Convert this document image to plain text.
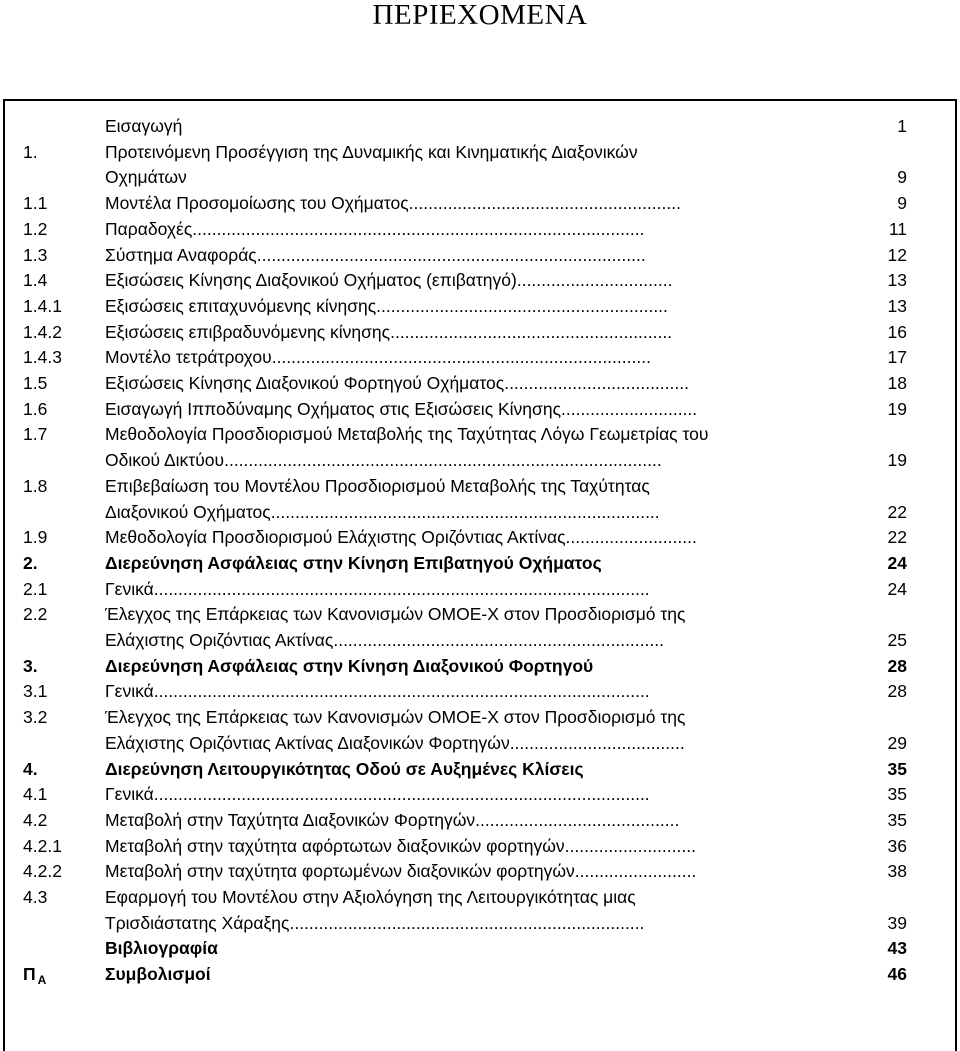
ΠΕΡΙΕΧΟΜΕΝΑ
Εισαγωγή	1
1.	Προτεινόμενη Προσέγγιση της Δυναμικής και Κινηματικής Διαξονικών
Οχημάτων	9
1.1	Μοντέλα Προσομοίωσης του Οχήματος........................................................	9
1.2	Παραδοχές.............................................................................................	11
1.3	Σύστημα Αναφοράς................................................................................	12
1.4	Εξισώσεις Κίνησης Διαξονικού Οχήματος (επιβατηγό)................................	13
1.4.1 Εξισώσεις επιταχυνόμενης κίνησης............................................................	13
1.4.2 Εξισώσεις επιβραδυνόμενης κίνησης..........................................................	16
1.4.3 Μοντέλο τετράτροχου..............................................................................	17
1.5	Εξισώσεις Κίνησης Διαξονικού Φορτηγού Οχήματος......................................	18
1.6	Εισαγωγή Ιπποδύναμης Οχήματος στις Εξισώσεις Κίνησης............................	19
1.7	Μεθοδολογία Προσδιορισμού Μεταβολής της Ταχύτητας Λόγω Γεωμετρίας του
Οδικού Δικτύου..........................................................................................	19
1.8	Επιβεβαίωση του Μοντέλου Προσδιορισμού Μεταβολής της Ταχύτητας
Διαξονικού Οχήματος................................................................................	22
1.9	Μεθοδολογία Προσδιορισμού Ελάχιστης Οριζόντιας Ακτίνας...........................	22
2.	Διερεύνηση Ασφάλειας στην Κίνηση Επιβατηγού Οχήματος	24
2.1	Γενικά......................................................................................................	24
2.2	Έλεγχος της Επάρκειας των Κανονισμών ΟΜΟΕ-Χ στον Προσδιορισμό της
Ελάχιστης Οριζόντιας Ακτίνας....................................................................	25
3.	Διερεύνηση Ασφάλειας στην Κίνηση Διαξονικού Φορτηγού	28
3.1	Γενικά......................................................................................................	28
3.2	Έλεγχος της Επάρκειας των Κανονισμών ΟΜΟΕ-Χ στον Προσδιορισμό της
Ελάχιστης Οριζόντιας Ακτίνας Διαξονικών Φορτηγών....................................	29
4.	Διερεύνηση Λειτουργικότητας Οδού σε Αυξημένες Κλίσεις	35
4.1	Γενικά......................................................................................................	35
4.2	Μεταβολή στην Ταχύτητα Διαξονικών Φορτηγών..........................................	35
4.2.1 Μεταβολή στην ταχύτητα αφόρτωτων διαξονικών φορτηγών...........................	36
4.2.2 Μεταβολή στην ταχύτητα φορτωμένων διαξονικών φορτηγών.........................	38
4.3	Εφαρμογή του Μοντέλου στην Αξιολόγηση της Λειτουργικότητας μιας
Τρισδιάστατης Χάραξης.........................................................................	39
Βιβλιογραφία	43
Π $_A$	Συμβολισμοί	46
